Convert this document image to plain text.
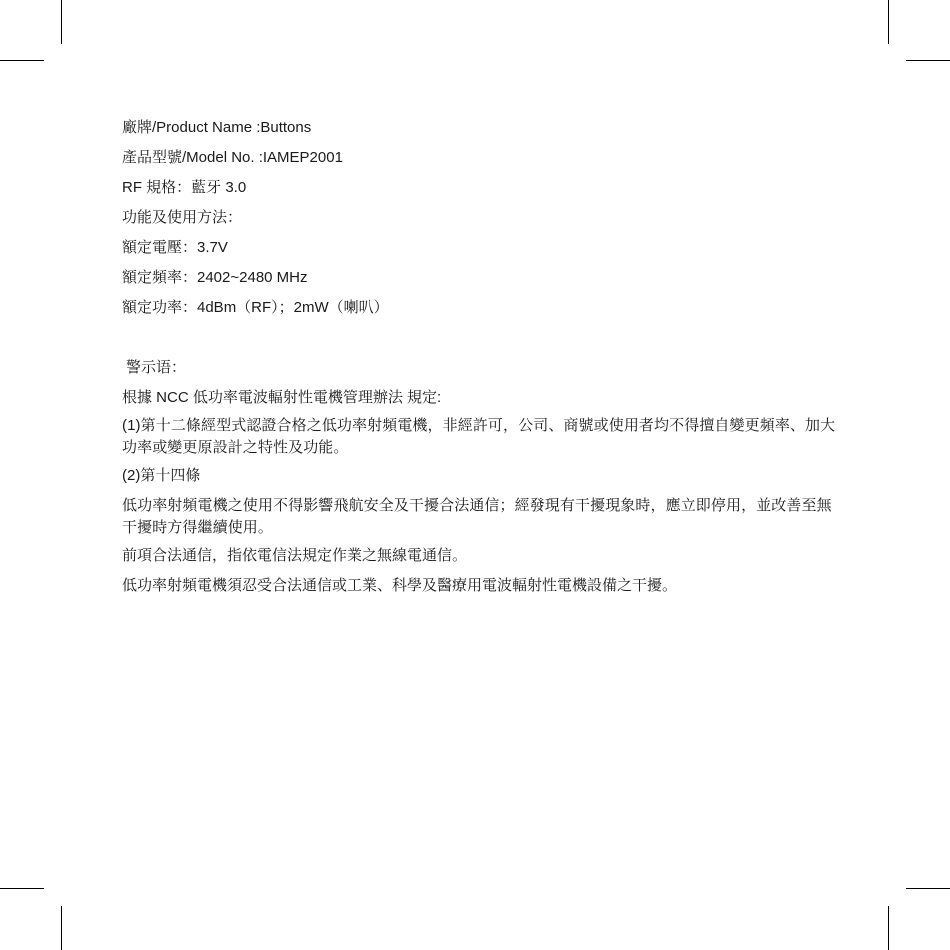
廠牌/Product Name :Buttons
產品型號/Model No. :IAMEP2001
RF 規格：藍牙 3.0
功能及使用方法：
額定電壓：3.7V
額定頻率：2402~2480 MHz
額定功率：4dBm（RF）；2mW（喇叭）
警示语：
根據 NCC 低功率電波輻射性電機管理辦法 規定:
(1)第十二條經型式認證合格之低功率射頻電機，非經許可，公司、商號或使用者均不得擅自變更頻率、加大功率或變更原設計之特性及功能。
(2)第十四條
低功率射頻電機之使用不得影響飛航安全及干擾合法通信；經發現有干擾現象時，應立即停用，並改善至無干擾時方得繼續使用。
前項合法通信，指依電信法規定作業之無線電通信。
低功率射頻電機須忍受合法通信或工業、科學及醫療用電波輻射性電機設備之干擾。
